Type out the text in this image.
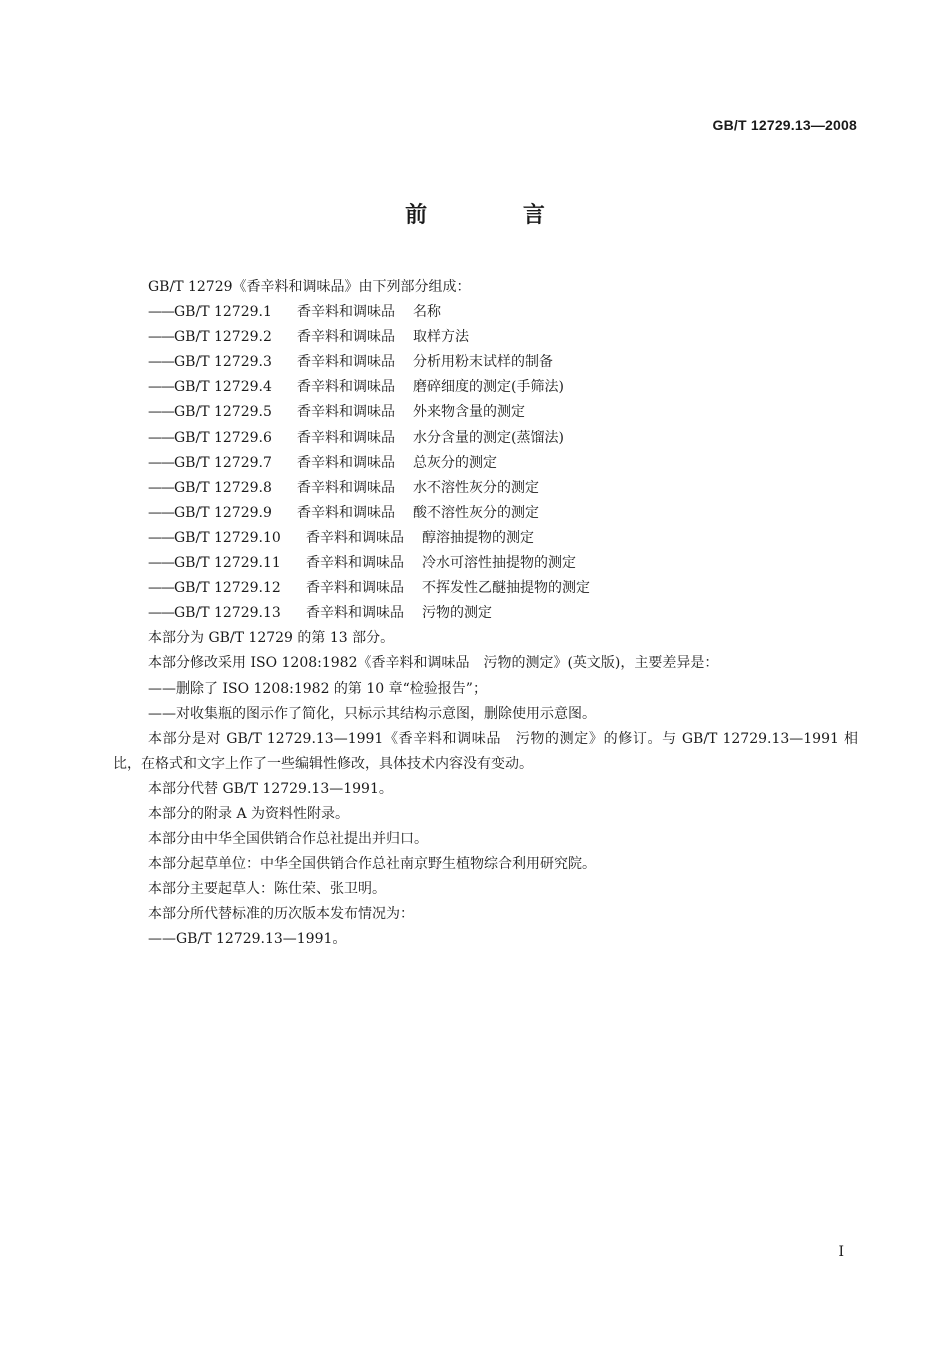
GB/T 12729.13—2008
前 言
GB/T 12729《香辛料和调味品》由下列部分组成：
——GB/T 12729.1 香辛料和调味品 名称
——GB/T 12729.2 香辛料和调味品 取样方法
——GB/T 12729.3 香辛料和调味品 分析用粉末试样的制备
——GB/T 12729.4 香辛料和调味品 磨碎细度的测定(手筛法)
——GB/T 12729.5 香辛料和调味品 外来物含量的测定
——GB/T 12729.6 香辛料和调味品 水分含量的测定(蒸馏法)
——GB/T 12729.7 香辛料和调味品 总灰分的测定
——GB/T 12729.8 香辛料和调味品 水不溶性灰分的测定
——GB/T 12729.9 香辛料和调味品 酸不溶性灰分的测定
——GB/T 12729.10 香辛料和调味品 醇溶抽提物的测定
——GB/T 12729.11 香辛料和调味品 冷水可溶性抽提物的测定
——GB/T 12729.12 香辛料和调味品 不挥发性乙醚抽提物的测定
——GB/T 12729.13 香辛料和调味品 污物的测定
本部分为 GB/T 12729 的第 13 部分。
本部分修改采用 ISO 1208:1982《香辛料和调味品　污物的测定》(英文版)，主要差异是：
——删除了 ISO 1208:1982 的第 10 章“检验报告”；
——对收集瓶的图示作了简化，只标示其结构示意图，删除使用示意图。
本部分是对 GB/T 12729.13—1991《香辛料和调味品　污物的测定》的修订。与 GB/T 12729.13—1991 相比，在格式和文字上作了一些编辑性修改，具体技术内容没有变动。
本部分代替 GB/T 12729.13—1991。
本部分的附录 A 为资料性附录。
本部分由中华全国供销合作总社提出并归口。
本部分起草单位：中华全国供销合作总社南京野生植物综合利用研究院。
本部分主要起草人：陈仕荣、张卫明。
本部分所代替标准的历次版本发布情况为：
——GB/T 12729.13—1991。
I
